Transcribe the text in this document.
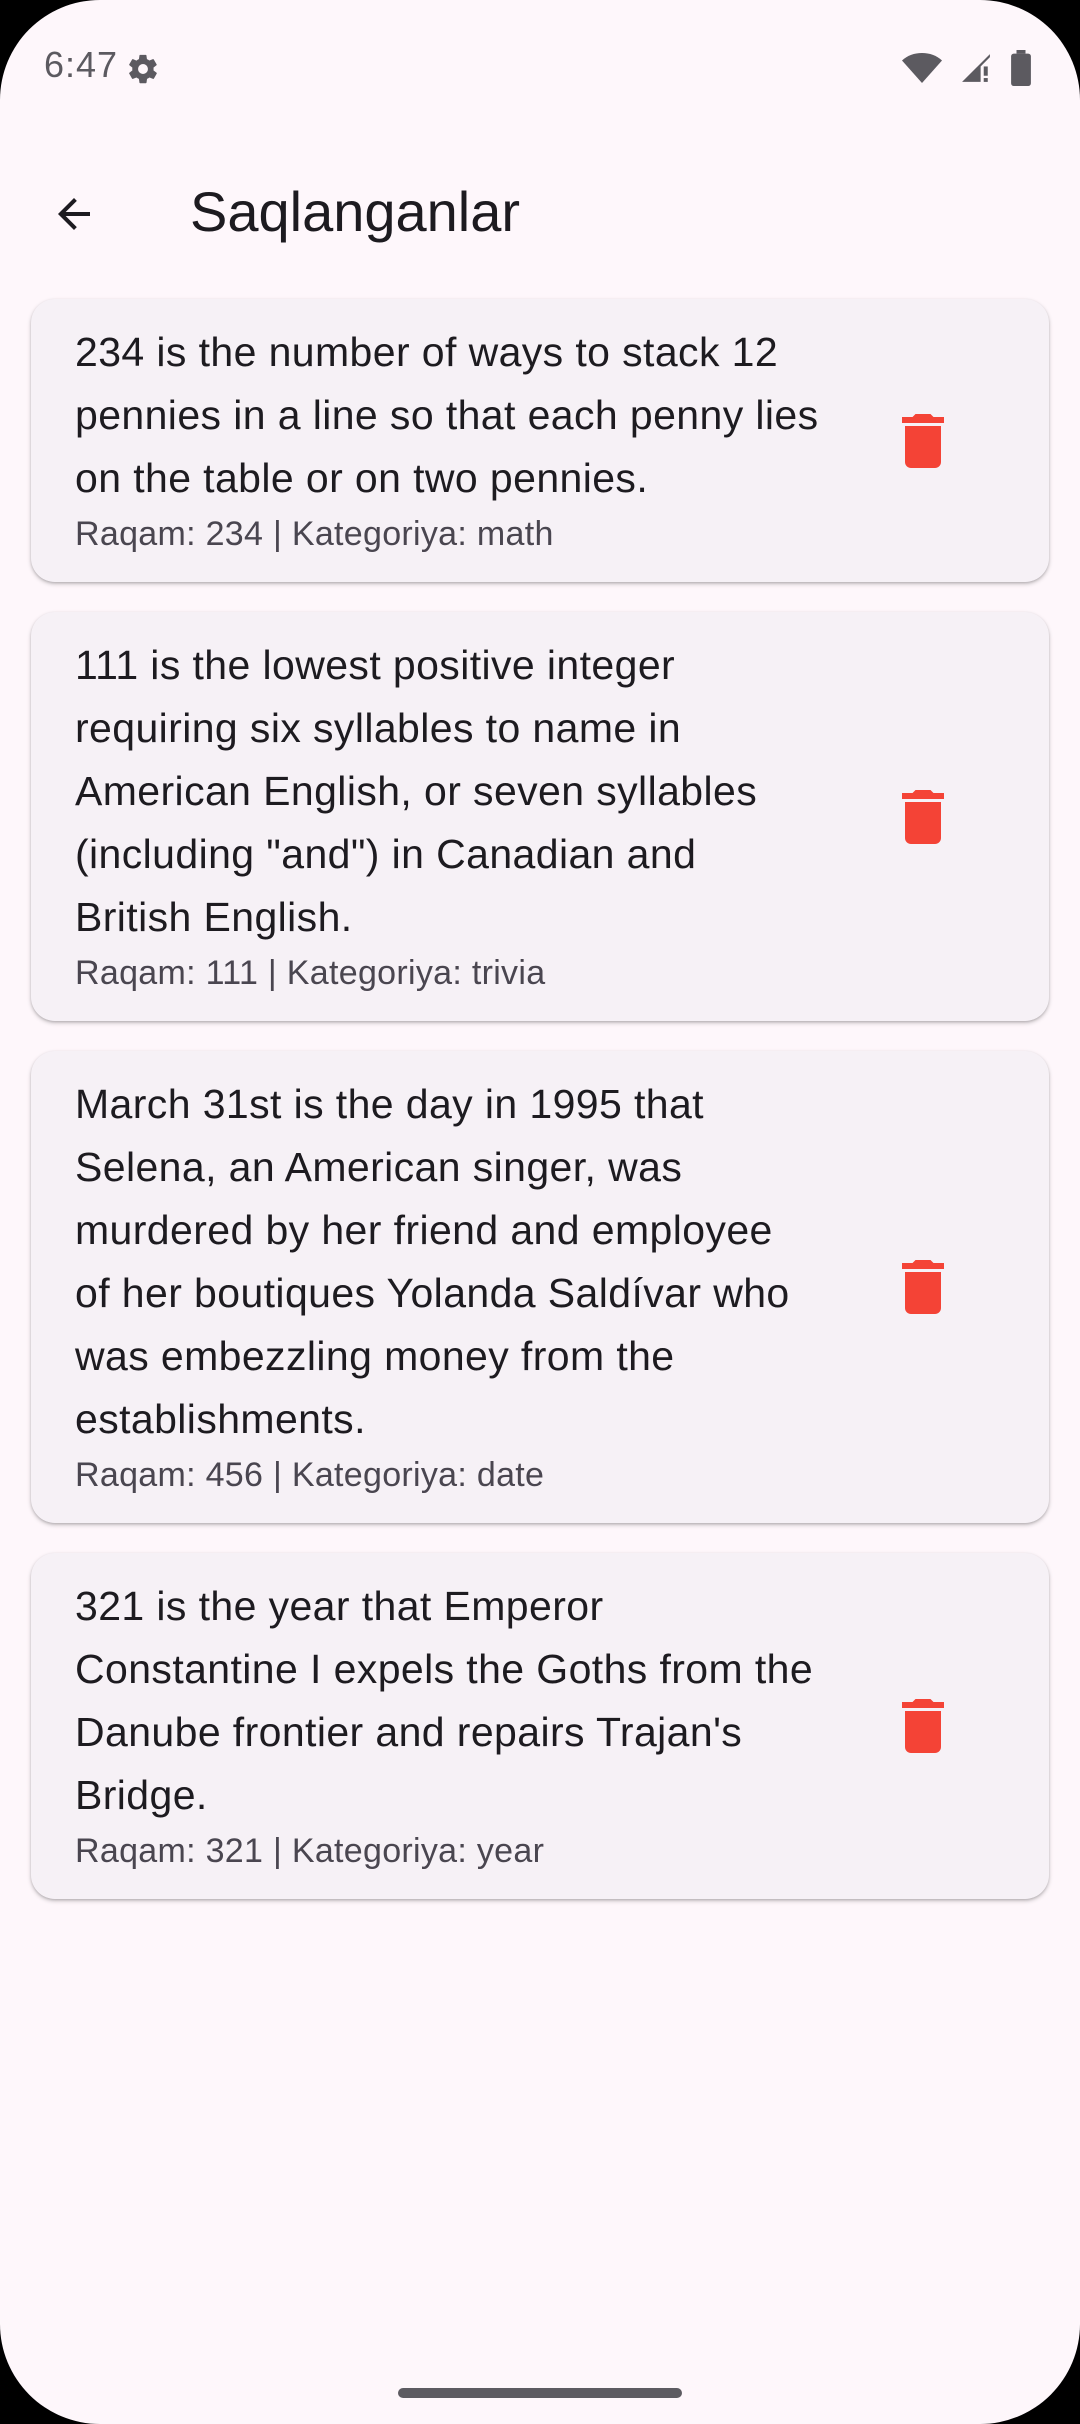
6:47
Saqlanganlar
234 is the number of ways to stack 12 pennies in a line so that each penny lies on the table or on two pennies.
Raqam: 234 | Kategoriya: math
111 is the lowest positive integer requiring six syllables to name in American English, or seven syllables (including "and") in Canadian and British English.
Raqam: 111 | Kategoriya: trivia
March 31st is the day in 1995 that Selena, an American singer, was murdered by her friend and employee of her boutiques Yolanda Saldívar who was embezzling money from the establishments.
Raqam: 456 | Kategoriya: date
321 is the year that Emperor Constantine I expels the Goths from the Danube frontier and repairs Trajan's Bridge.
Raqam: 321 | Kategoriya: year
